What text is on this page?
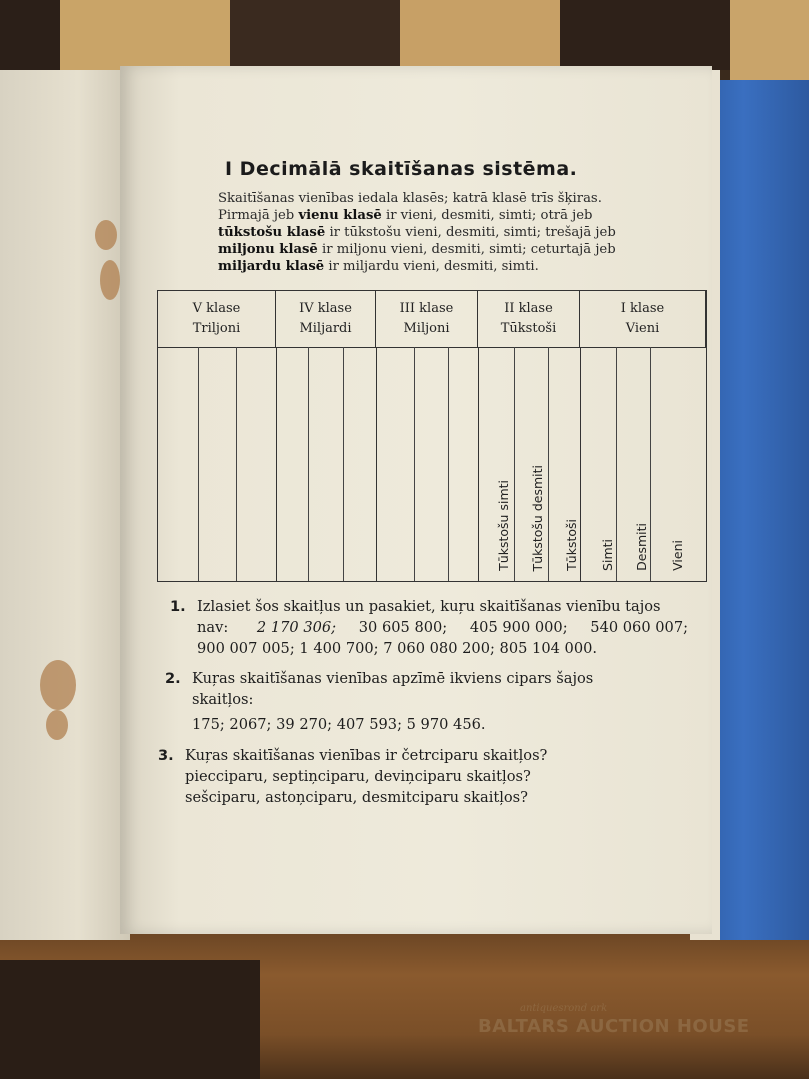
I Decimālā skaitīšanas sistēma.
Skaitīšanas vienības iedala klasēs; katrā klasē trīs šķiras.
Pirmajā jeb vienu klasē ir vieni, desmiti, simti; otrā jeb
tūkstošu klasē ir tūkstošu vieni, desmiti, simti; trešajā jeb
miljonu klasē ir miljonu vieni, desmiti, simti; ceturtajā jeb
miljardu klasē ir miljardu vieni, desmiti, simti.
V klase
Triljoni
IV klase
Miljardi
III klase
Miljoni
II klase
Tūkstoši
I klase
Vieni
Tūkstošu simti Tūkstošu desmiti Tūkstoši Simti Desmiti Vieni
1. Izlasiet šos skaitļus un pasakiet, kuŗu skaitīšanas vienību tajos
nav: 2 170 306; 30 605 800; 405 900 000; 540 060 007;
900 007 005; 1 400 700; 7 060 080 200; 805 104 000.
2. Kuŗas skaitīšanas vienības apzīmē ikviens cipars šajos
skaitļos:
175; 2067; 39 270; 407 593; 5 970 456.
3. Kuŗas skaitīšanas vienības ir četrciparu skaitļos?
piecciparu, septiņciparu, deviņciparu skaitļos?
sešciparu, astoņciparu, desmitciparu skaitļos?
antiquesrond ark
BALTARS AUCTION HOUSE
